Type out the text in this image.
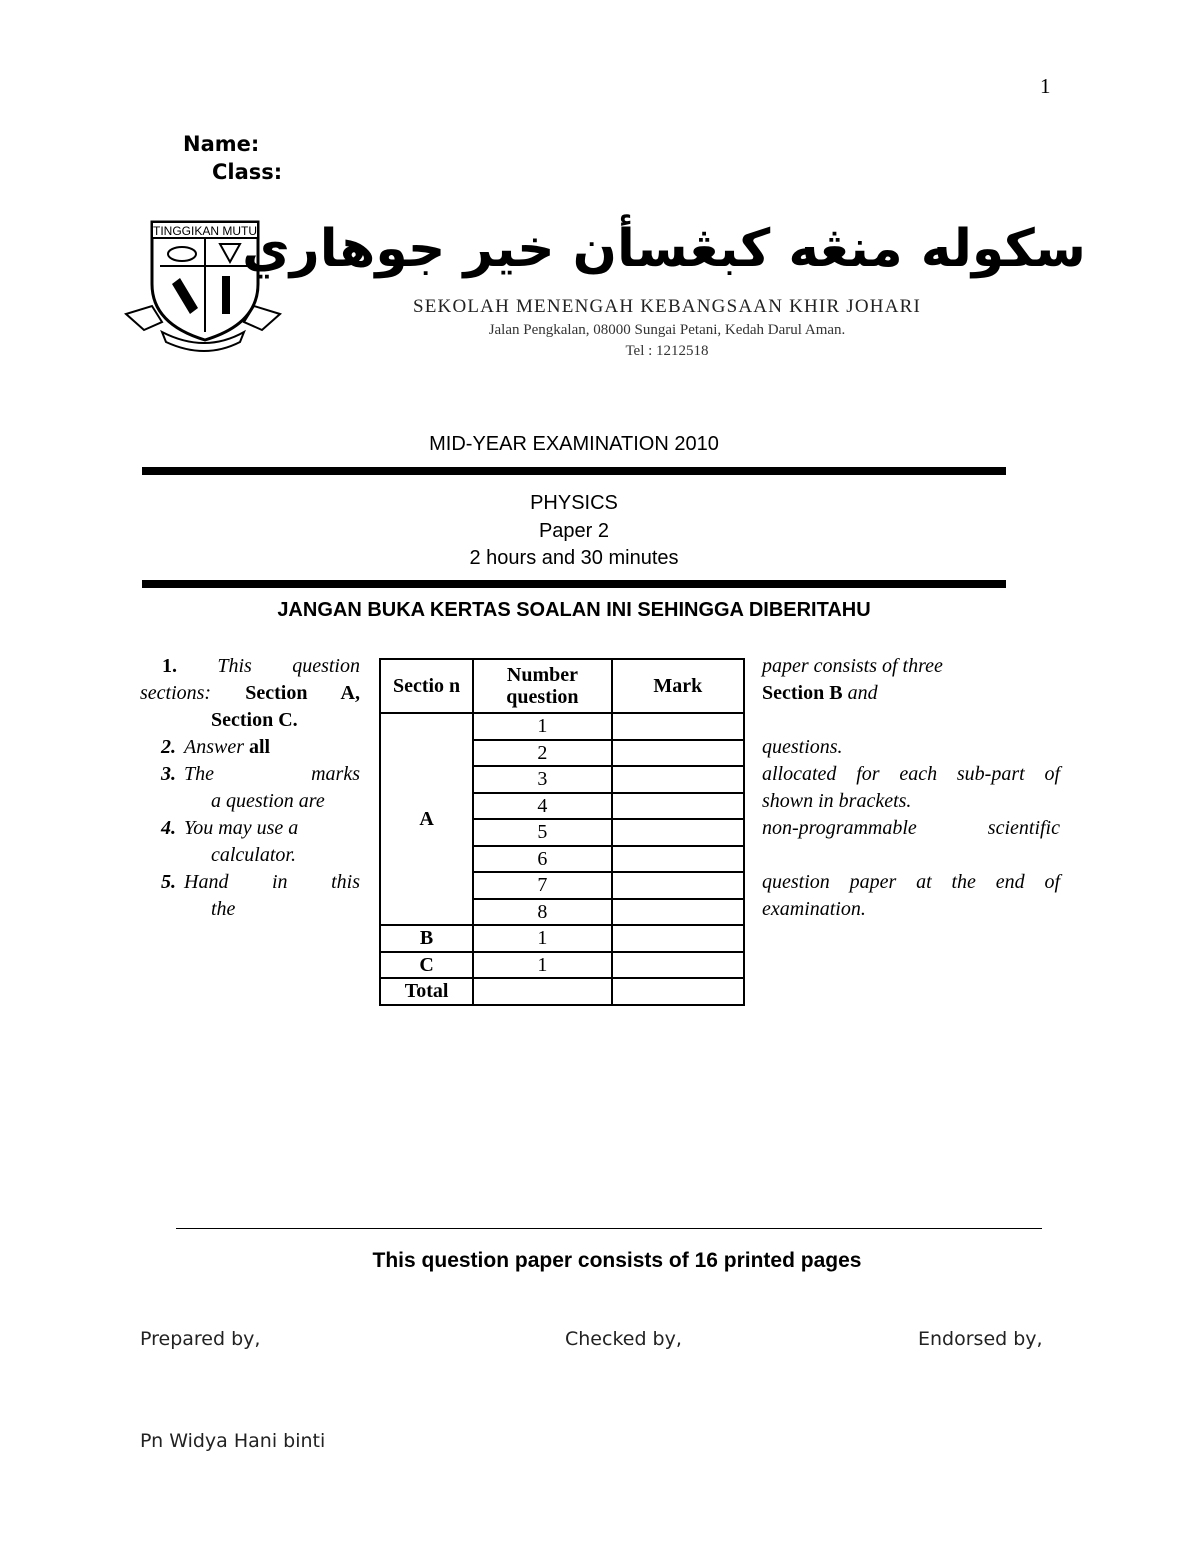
1
Name:
Class:
TINGGIKAN MUTU
سکوله منڠه کبڠسأن خير جوهاري
SEKOLAH MENENGAH KEBANGSAAN KHIR JOHARI
Jalan Pengkalan, 08000 Sungai Petani, Kedah Darul Aman.
Tel : 1212518
MID-YEAR EXAMINATION 2010
PHYSICS
Paper 2
2 hours and 30 minutes
JANGAN BUKA KERTAS SOALAN INI SEHINGGA DIBERITAHU
1. This question
sections: Section A,
Section C.
2. Answer all
3. The	marks
a question are
4. You may use a
calculator.
5. Hand in this
the
paper consists of three
Section B and
questions.
allocated for each sub-part of
shown in brackets.
non-programmable scientific
question paper at the end of
examination.
Sectio n	Number question	Mark
A	1	
	2	
	3	
	4	
	5	
	6	
	7	
	8	
B	1	
C	1	
Total		
This question paper consists of 16 printed pages
Prepared by,	Checked by,	Endorsed by,
Pn Widya Hani binti
